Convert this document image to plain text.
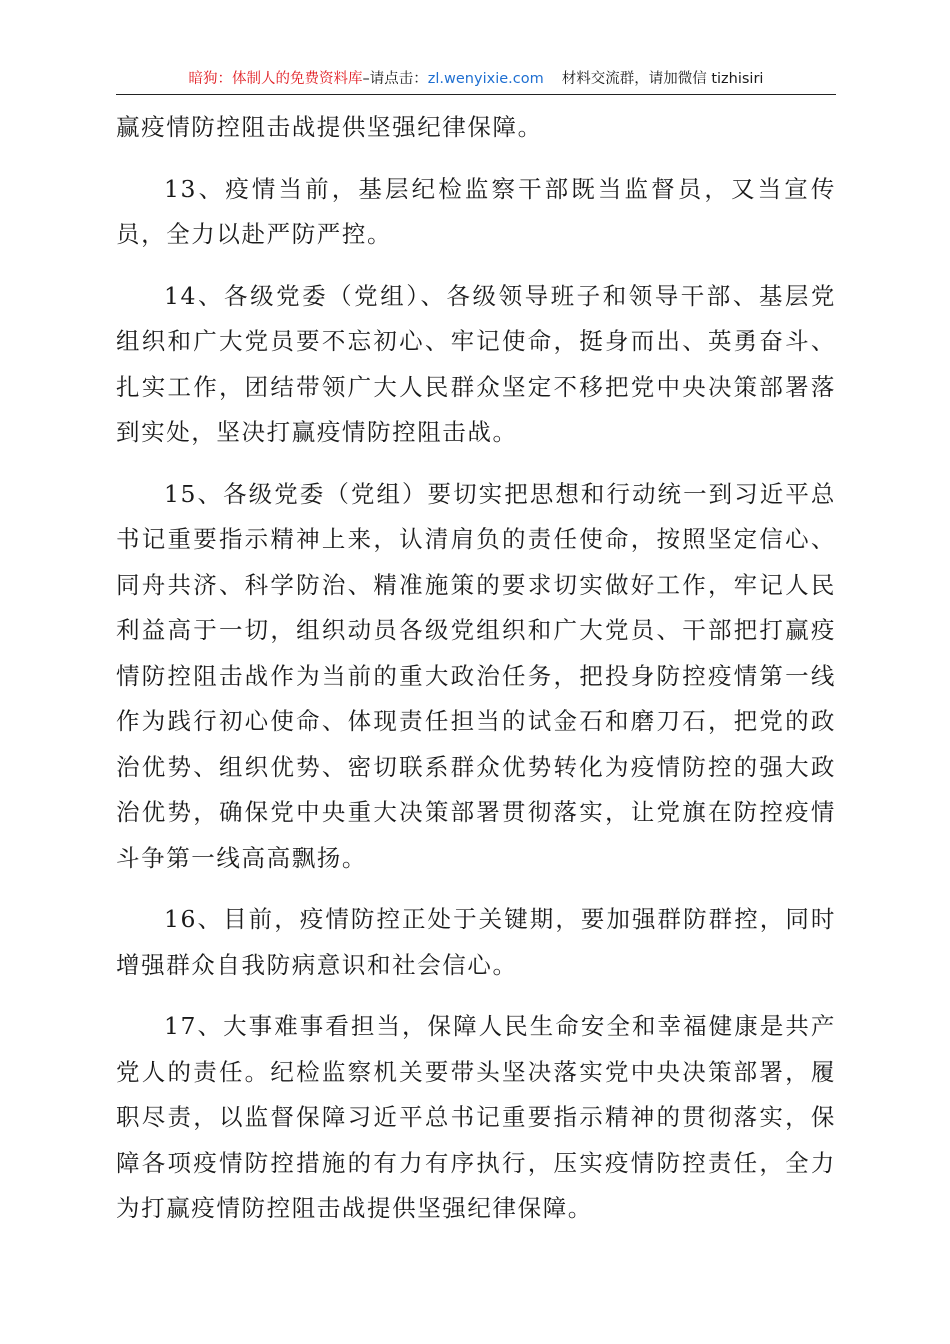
暗狗：体制人的免费资料库–请点击：zl.wenyixie.com 材料交流群，请加微信 tizhisiri

赢疫情防控阻击战提供坚强纪律保障。

13、疫情当前，基层纪检监察干部既当监督员，又当宣传员，全力以赴严防严控。

14、各级党委（党组）、各级领导班子和领导干部、基层党组织和广大党员要不忘初心、牢记使命，挺身而出、英勇奋斗、扎实工作，团结带领广大人民群众坚定不移把党中央决策部署落到实处，坚决打赢疫情防控阻击战。

15、各级党委（党组）要切实把思想和行动统一到习近平总书记重要指示精神上来，认清肩负的责任使命，按照坚定信心、同舟共济、科学防治、精准施策的要求切实做好工作，牢记人民利益高于一切，组织动员各级党组织和广大党员、干部把打赢疫情防控阻击战作为当前的重大政治任务，把投身防控疫情第一线作为践行初心使命、体现责任担当的试金石和磨刀石，把党的政治优势、组织优势、密切联系群众优势转化为疫情防控的强大政治优势，确保党中央重大决策部署贯彻落实，让党旗在防控疫情斗争第一线高高飘扬。

16、目前，疫情防控正处于关键期，要加强群防群控，同时增强群众自我防病意识和社会信心。

17、大事难事看担当，保障人民生命安全和幸福健康是共产党人的责任。纪检监察机关要带头坚决落实党中央决策部署，履职尽责，以监督保障习近平总书记重要指示精神的贯彻落实，保障各项疫情防控措施的有力有序执行，压实疫情防控责任，全力为打赢疫情防控阻击战提供坚强纪律保障。
